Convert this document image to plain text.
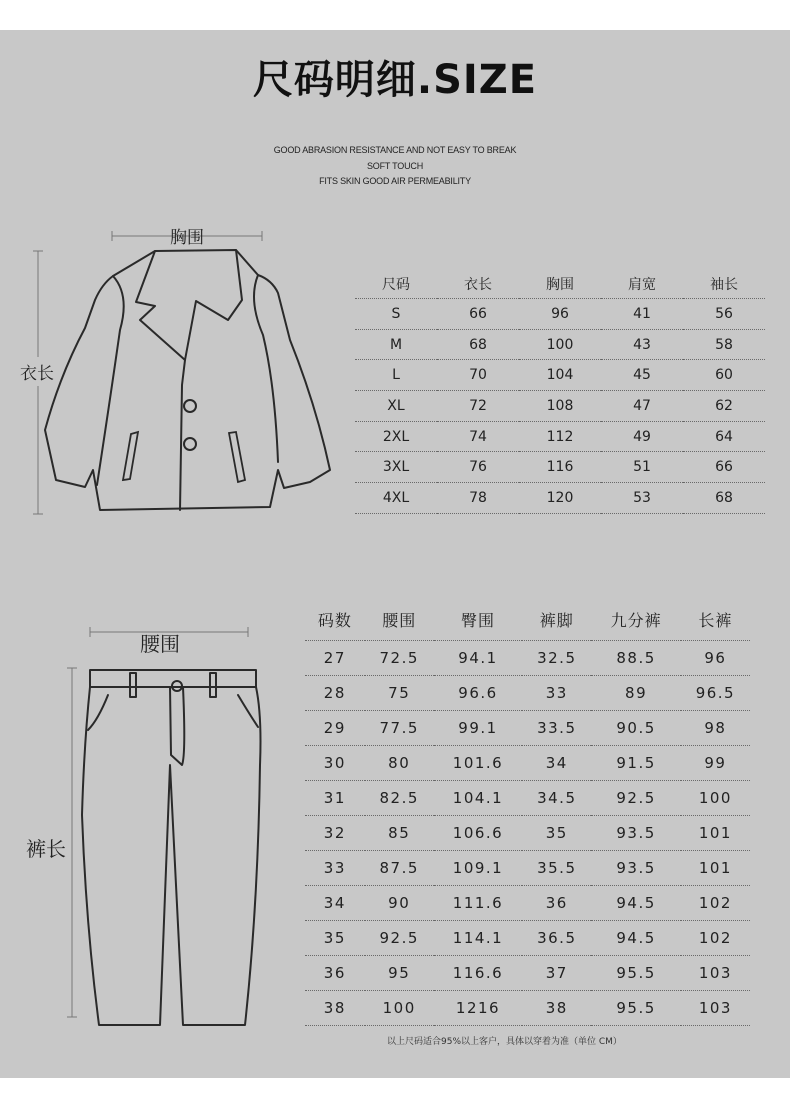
尺码明细.SIZE
GOOD ABRASION RESISTANCE AND NOT EASY TO BREAK
SOFT TOUCH
FITS SKIN GOOD AIR PERMEABILITY
胸围
衣长
尺码	衣长	胸围	肩宽	袖长
S	66	96	41	56
M	68	100	43	58
L	70	104	45	60
XL	72	108	47	62
2XL	74	112	49	64
3XL	76	116	51	66
4XL	78	120	53	68
腰围
裤长
码数	腰围	臀围	裤脚	九分裤	长裤
27	72.5	94.1	32.5	88.5	96
28	75	96.6	33	89	96.5
29	77.5	99.1	33.5	90.5	98
30	80	101.6	34	91.5	99
31	82.5	104.1	34.5	92.5	100
32	85	106.6	35	93.5	101
33	87.5	109.1	35.5	93.5	101
34	90	111.6	36	94.5	102
35	92.5	114.1	36.5	94.5	102
36	95	116.6	37	95.5	103
38	100	1216	38	95.5	103
以上尺码适合95%以上客户，具体以穿着为准（单位 CM）
